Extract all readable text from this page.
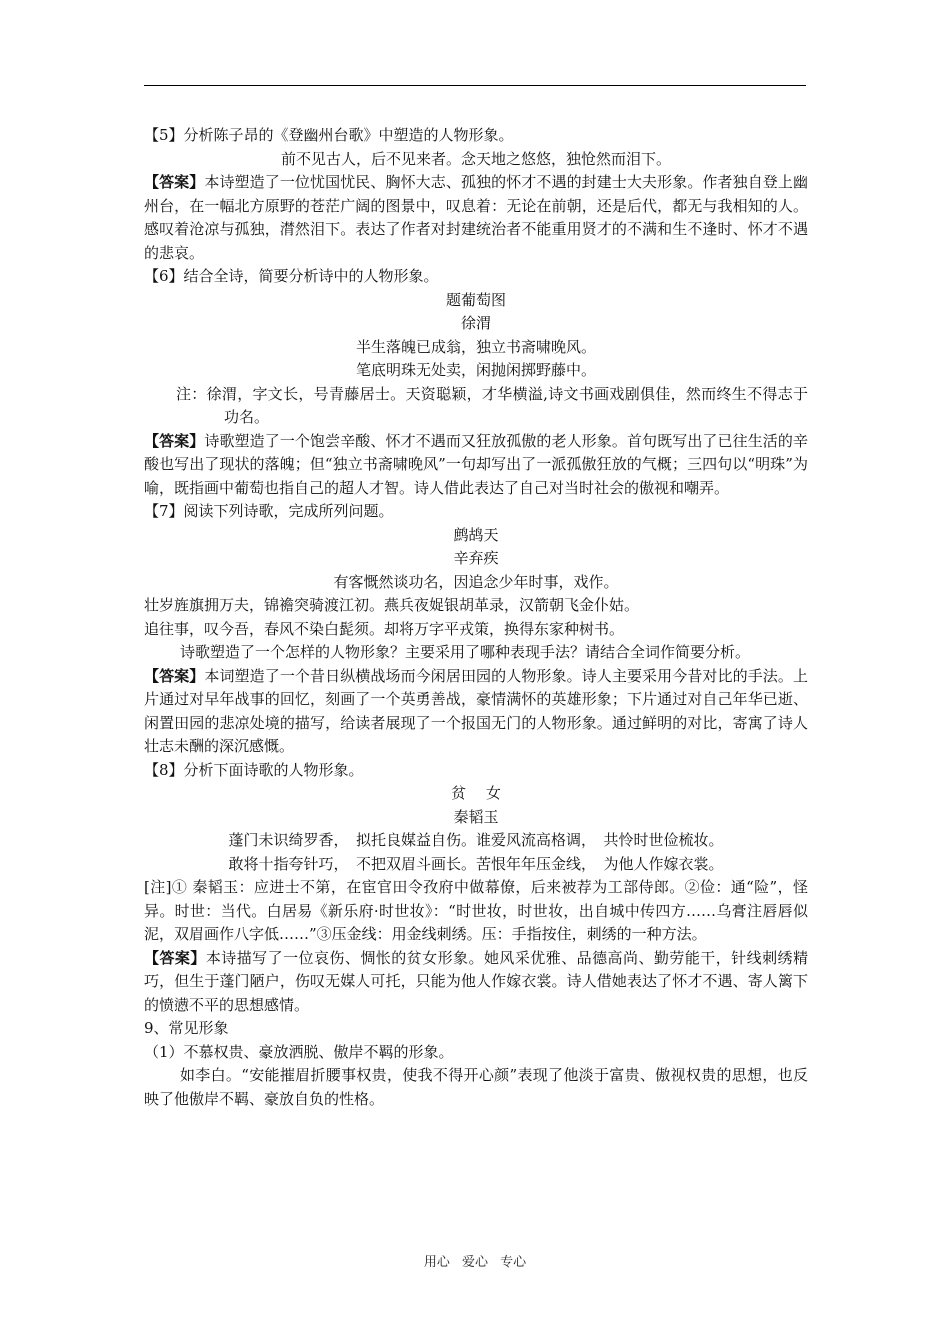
【5】分析陈子昂的《登幽州台歌》中塑造的人物形象。

前不见古人，后不见来者。念天地之悠悠，独怆然而泪下。

【答案】本诗塑造了一位忧国忧民、胸怀大志、孤独的怀才不遇的封建士大夫形象。作者独自登上幽州台，在一幅北方原野的苍茫广阔的图景中，叹息着：无论在前朝，还是后代，都无与我相知的人。感叹着沧凉与孤独，潸然泪下。表达了作者对封建统治者不能重用贤才的不满和生不逢时、怀才不遇的悲哀。

【6】结合全诗，简要分析诗中的人物形象。

题葡萄图

徐渭

半生落魄已成翁，独立书斋啸晚风。

笔底明珠无处卖，闲抛闲掷野藤中。

注：徐渭，字文长，号青藤居士。天资聪颖，才华横溢,诗文书画戏剧俱佳，然而终生不得志于功名。

【答案】诗歌塑造了一个饱尝辛酸、怀才不遇而又狂放孤傲的老人形象。首句既写出了已往生活的辛酸也写出了现状的落魄；但“独立书斋啸晚风”一句却写出了一派孤傲狂放的气概；三四句以“明珠”为喻，既指画中葡萄也指自己的超人才智。诗人借此表达了自己对当时社会的傲视和嘲弄。

【7】阅读下列诗歌，完成所列问题。

鹧鸪天

辛弃疾

有客慨然谈功名，因追念少年时事，戏作。

壮岁旌旗拥万夫，锦襜突骑渡江初。燕兵夜娖银胡革录，汉箭朝飞金仆姑。

追往事，叹今吾，春风不染白髭须。却将万字平戎策，换得东家种树书。

诗歌塑造了一个怎样的人物形象？主要采用了哪种表现手法？请结合全词作简要分析。

【答案】本词塑造了一个昔日纵横战场而今闲居田园的人物形象。诗人主要采用今昔对比的手法。上片通过对早年战事的回忆，刻画了一个英勇善战，豪情满怀的英雄形象；下片通过对自己年华已逝、闲置田园的悲凉处境的描写，给读者展现了一个报国无门的人物形象。通过鲜明的对比，寄寓了诗人壮志未酬的深沉感慨。

【8】分析下面诗歌的人物形象。

贫　 女

秦韬玉

蓬门未识绮罗香，　拟托良媒益自伤。谁爱风流高格调，　共怜时世俭梳妆。

敢将十指夸针巧，　不把双眉斗画长。苦恨年年压金线，　为他人作嫁衣裳。

[注]① 秦韬玉：应进士不第，在宦官田令孜府中做幕僚，后来被荐为工部侍郎。②俭：通“险”，怪异。时世：当代。白居易《新乐府·时世妆》：“时世妆，时世妆，出自城中传四方……乌膏注唇唇似泥，双眉画作八字低……”③压金线：用金线刺绣。压：手指按住，刺绣的一种方法。

【答案】本诗描写了一位哀伤、惆怅的贫女形象。她风采优雅、品德高尚、勤劳能干，针线刺绣精巧，但生于蓬门陋户，伤叹无媒人可托，只能为他人作嫁衣裳。诗人借她表达了怀才不遇、寄人篱下的愤懑不平的思想感情。

9、常见形象

（1）不慕权贵、豪放洒脱、傲岸不羁的形象。

如李白。“安能摧眉折腰事权贵，使我不得开心颜”表现了他淡于富贵、傲视权贵的思想，也反映了他傲岸不羁、豪放自负的性格。

用心 爱心 专心
